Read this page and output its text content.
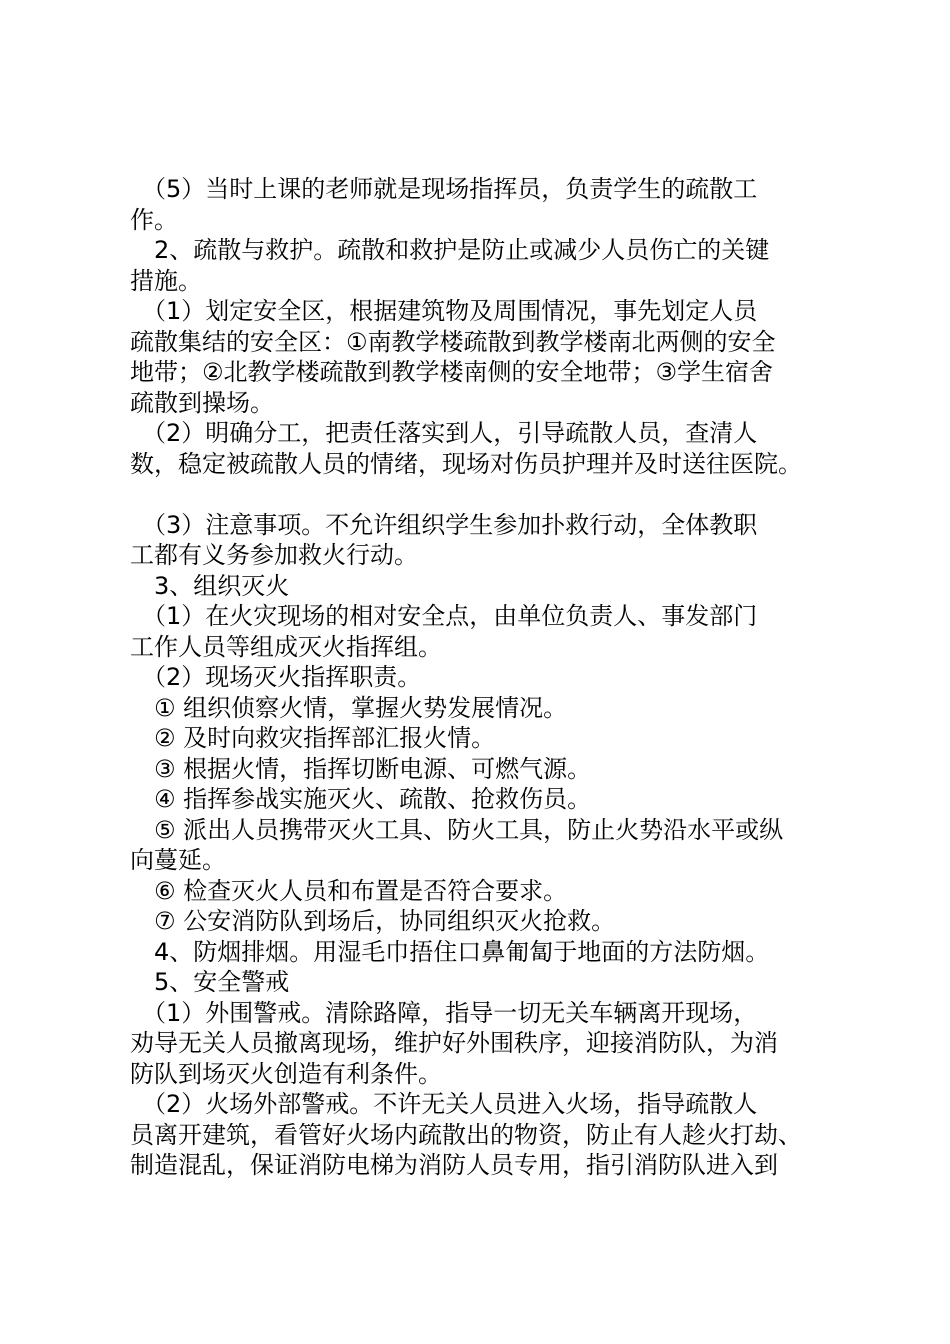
　（5）当时上课的老师就是现场指挥员，负责学生的疏散工

作。

　2、疏散与救护。疏散和救护是防止或减少人员伤亡的关键

措施。

　（1）划定安全区，根据建筑物及周围情况，事先划定人员

疏散集结的安全区：①南教学楼疏散到教学楼南北两侧的安全

地带；②北教学楼疏散到教学楼南侧的安全地带；③学生宿舍

疏散到操场。

　（2）明确分工，把责任落实到人，引导疏散人员，查清人

数，稳定被疏散人员的情绪，现场对伤员护理并及时送往医院。

　（3）注意事项。不允许组织学生参加扑救行动，全体教职

工都有义务参加救火行动。

　3、组织灭火

　（1）在火灾现场的相对安全点，由单位负责人、事发部门

工作人员等组成灭火指挥组。

　（2）现场灭火指挥职责。

　① 组织侦察火情，掌握火势发展情况。

　② 及时向救灾指挥部汇报火情。

　③ 根据火情，指挥切断电源、可燃气源。

　④ 指挥参战实施灭火、疏散、抢救伤员。

　⑤ 派出人员携带灭火工具、防火工具，防止火势沿水平或纵

向蔓延。

　⑥ 检查灭火人员和布置是否符合要求。

　⑦ 公安消防队到场后，协同组织灭火抢救。

　4、防烟排烟。用湿毛巾捂住口鼻匍匐于地面的方法防烟。

　5、安全警戒

　（1）外围警戒。清除路障，指导一切无关车辆离开现场，

劝导无关人员撤离现场，维护好外围秩序，迎接消防队，为消

防队到场灭火创造有利条件。

　（2）火场外部警戒。不许无关人员进入火场，指导疏散人

员离开建筑，看管好火场内疏散出的物资，防止有人趁火打劫、

制造混乱，保证消防电梯为消防人员专用，指引消防队进入到
